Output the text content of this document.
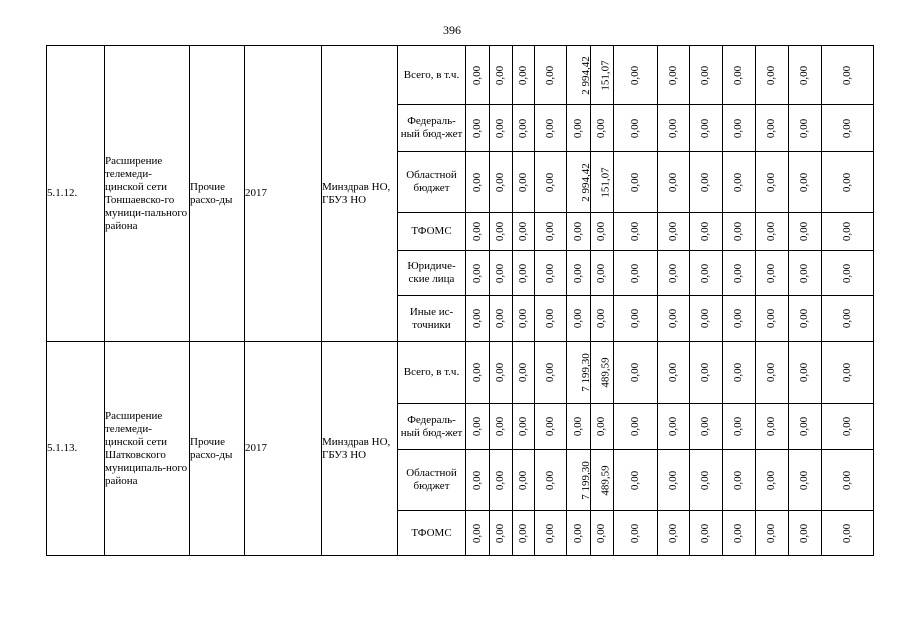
396
5.1.12.	Расширение телемеди-цинской сети Тоншаевско-го муници-пального района	Прочие расхо-ды	2017	Минздрав НО, ГБУЗ НО	Всего, в т.ч.	0,00	0,00	0,00	0,00	2 994,42	151,07	0,00	0,00	0,00	0,00	0,00	0,00	0,00	
					Федераль-ный бюд-жет	0,00	0,00	0,00	0,00	0,00	0,00	0,00	0,00	0,00	0,00	0,00	0,00	0,00	
					Областной бюджет	0,00	0,00	0,00	0,00	2 994,42	151,07	0,00	0,00	0,00	0,00	0,00	0,00	0,00	
					ТФОМС	0,00	0,00	0,00	0,00	0,00	0,00	0,00	0,00	0,00	0,00	0,00	0,00	0,00	
					Юридиче-ские лица	0,00	0,00	0,00	0,00	0,00	0,00	0,00	0,00	0,00	0,00	0,00	0,00	0,00	
					Иные ис-точники	0,00	0,00	0,00	0,00	0,00	0,00	0,00	0,00	0,00	0,00	0,00	0,00	0,00	
5.1.13.	Расширение телемеди-цинской сети Шатковского муниципаль-ного района	Прочие расхо-ды	2017	Минздрав НО, ГБУЗ НО	Всего, в т.ч.	0,00	0,00	0,00	0,00	7 199,30	489,59	0,00	0,00	0,00	0,00	0,00	0,00	0,00	
					Федераль-ный бюд-жет	0,00	0,00	0,00	0,00	0,00	0,00	0,00	0,00	0,00	0,00	0,00	0,00	0,00	
					Областной бюджет	0,00	0,00	0,00	0,00	7 199,30	489,59	0,00	0,00	0,00	0,00	0,00	0,00	0,00	
					ТФОМС	0,00	0,00	0,00	0,00	0,00	0,00	0,00	0,00	0,00	0,00	0,00	0,00	0,00	
